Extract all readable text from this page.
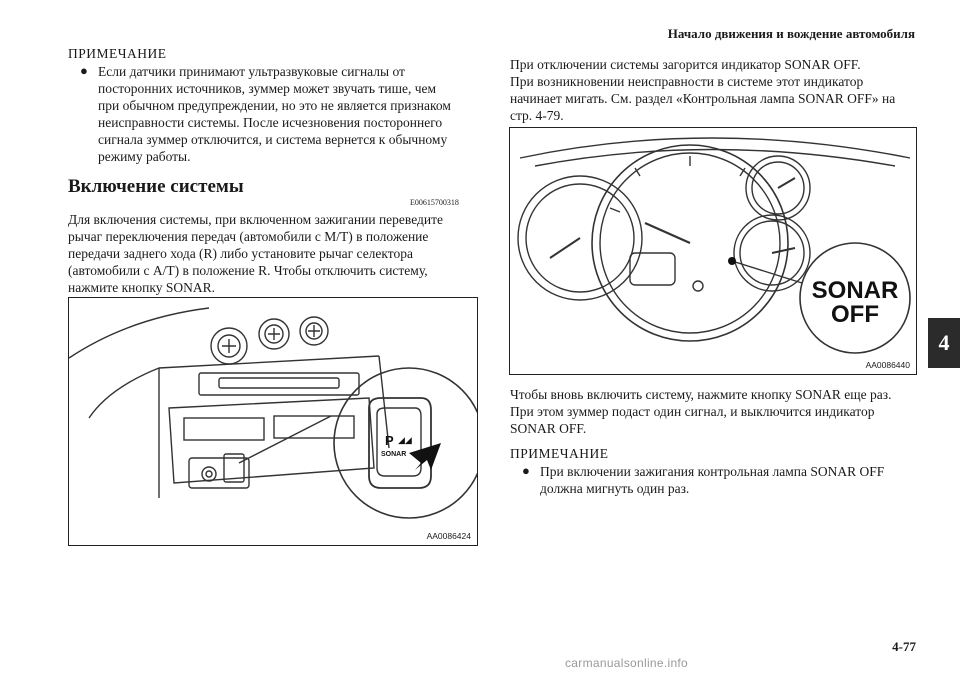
Начало движения и вождение автомобиля
4
ПРИМЕЧАНИЕ
● Если датчики принимают ультразвуковые сигналы от
посторонних источников, зуммер может звучать тише, чем
при обычном предупреждении, но это не является признаком
неисправности системы. После исчезновения постороннего
сигнала зуммер отключится, и система вернется к обычному
режиму работы.
Включение системы
E00615700318
Для включения системы, при включенном зажигании переведите
рычаг переключения передач (автомобили с M/T) в положение
передачи заднего хода (R) либо установите рычаг селектора
(автомобили с A/T) в положение R. Чтобы отключить систему,
нажмите кнопку SONAR.
P ◢◢
SONAR
AA0086424
При отключении системы загорится индикатор SONAR OFF.
При возникновении неисправности в системе этот индикатор
начинает мигать. См. раздел «Контрольная лампа SONAR OFF» на
стр. 4-79.
SONAR
OFF
AA0086440
Чтобы вновь включить систему, нажмите кнопку SONAR еще раз.
При этом зуммер подаст один сигнал, и выключится индикатор
SONAR OFF.
ПРИМЕЧАНИЕ
● При включении зажигания контрольная лампа SONAR OFF
должна мигнуть один раз.
4-77
carmanualsonline.info
